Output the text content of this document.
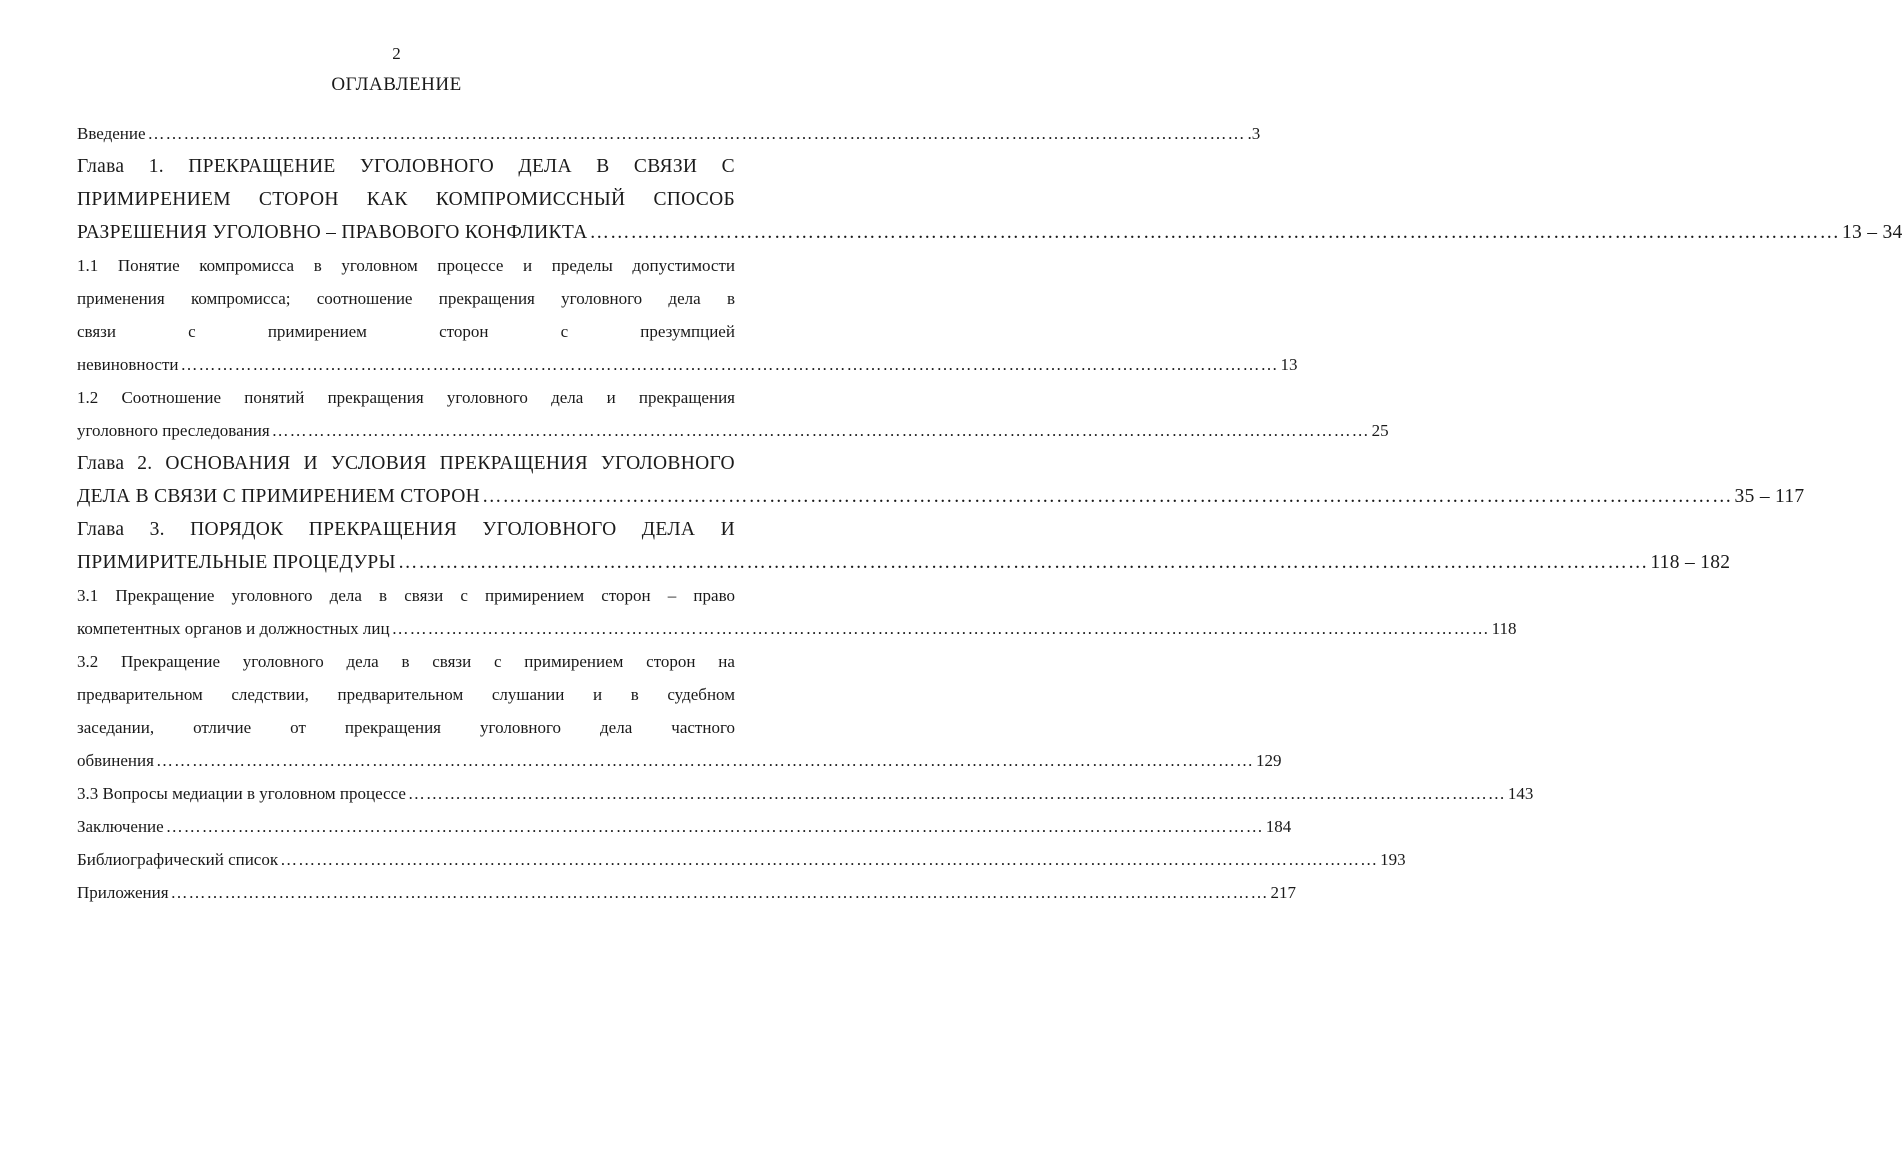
2
ОГЛАВЛЕНИЕ
Введение ………………………………………………………………………………………………………………………………………………………………… .3
Глава 1. ПРЕКРАЩЕНИЕ УГОЛОВНОГО ДЕЛА В СВЯЗИ С
ПРИМИРЕНИЕМ СТОРОН КАК КОМПРОМИССНЫЙ СПОСОБ
РАЗРЕШЕНИЯ УГОЛОВНО – ПРАВОВОГО КОНФЛИКТА ………………………………………………………………………………………………………………………………………………………………… 13 – 34
1.1 Понятие компромисса в уголовном процессе и пределы допустимости
применения компромисса; соотношение прекращения уголовного дела в
связи	с	примирением	сторон	с	презумпцией
невиновности ………………………………………………………………………………………………………………………………………………………………… 13
1.2 Соотношение понятий прекращения уголовного дела и прекращения
уголовного преследования ………………………………………………………………………………………………………………………………………………………………… 25
Глава 2. ОСНОВАНИЯ И УСЛОВИЯ ПРЕКРАЩЕНИЯ УГОЛОВНОГО
ДЕЛА В СВЯЗИ С ПРИМИРЕНИЕМ СТОРОН ………………………………………………………………………………………………………………………………………………………………… 35 – 117
Глава 3. ПОРЯДОК ПРЕКРАЩЕНИЯ УГОЛОВНОГО ДЕЛА И
ПРИМИРИТЕЛЬНЫЕ ПРОЦЕДУРЫ ………………………………………………………………………………………………………………………………………………………………… 118 – 182
3.1 Прекращение уголовного дела в связи с примирением сторон – право
компетентных органов и должностных лиц ………………………………………………………………………………………………………………………………………………………………… 118
3.2 Прекращение уголовного дела в связи с примирением сторон на
предварительном следствии, предварительном слушании и в судебном
заседании, отличие от прекращения уголовного дела частного
обвинения ………………………………………………………………………………………………………………………………………………………………… 129
3.3 Вопросы медиации в уголовном процессе ………………………………………………………………………………………………………………………………………………………………… 143
Заключение ………………………………………………………………………………………………………………………………………………………………… 184
Библиографический список ………………………………………………………………………………………………………………………………………………………………… 193
Приложения ………………………………………………………………………………………………………………………………………………………………… 217
